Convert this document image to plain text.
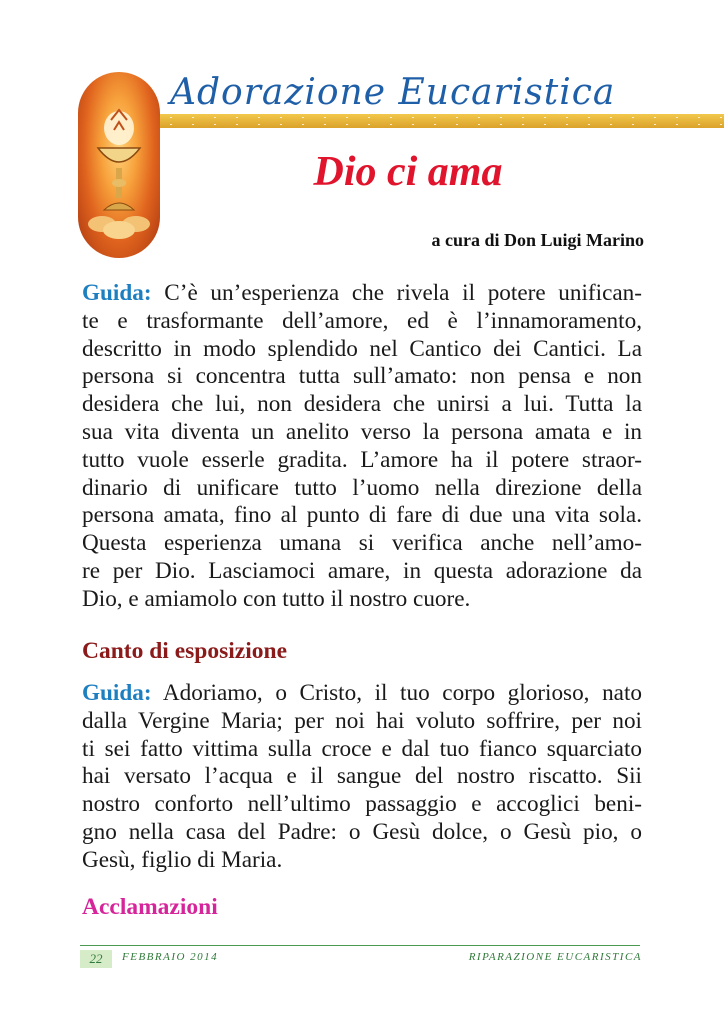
Adorazione Eucaristica
Dio ci ama
a cura di Don Luigi Marino
Guida: C’è un’esperienza che rivela il potere unifican-
te e trasformante dell’amore, ed è l’innamoramento,
descritto in modo splendido nel Cantico dei Cantici. La
persona si concentra tutta sull’amato: non pensa e non
desidera che lui, non desidera che unirsi a lui. Tutta la
sua vita diventa un anelito verso la persona amata e in
tutto vuole esserle gradita. L’amore ha il potere straor-
dinario di unificare tutto l’uomo nella direzione della
persona amata, fino al punto di fare di due una vita sola.
Questa esperienza umana si verifica anche nell’amo-
re per Dio. Lasciamoci amare, in questa adorazione da
Dio, e amiamolo con tutto il nostro cuore.
Canto di esposizione
Guida: Adoriamo, o Cristo, il tuo corpo glorioso, nato
dalla Vergine Maria; per noi hai voluto soffrire, per noi
ti sei fatto vittima sulla croce e dal tuo fianco squarciato
hai versato l’acqua e il sangue del nostro riscatto. Sii
nostro conforto nell’ultimo passaggio e accoglici beni-
gno nella casa del Padre: o Gesù dolce, o Gesù pio, o
Gesù, figlio di Maria.
Acclamazioni
22	FEBBRAIO 2014	RIPARAZIONE EUCARISTICA
